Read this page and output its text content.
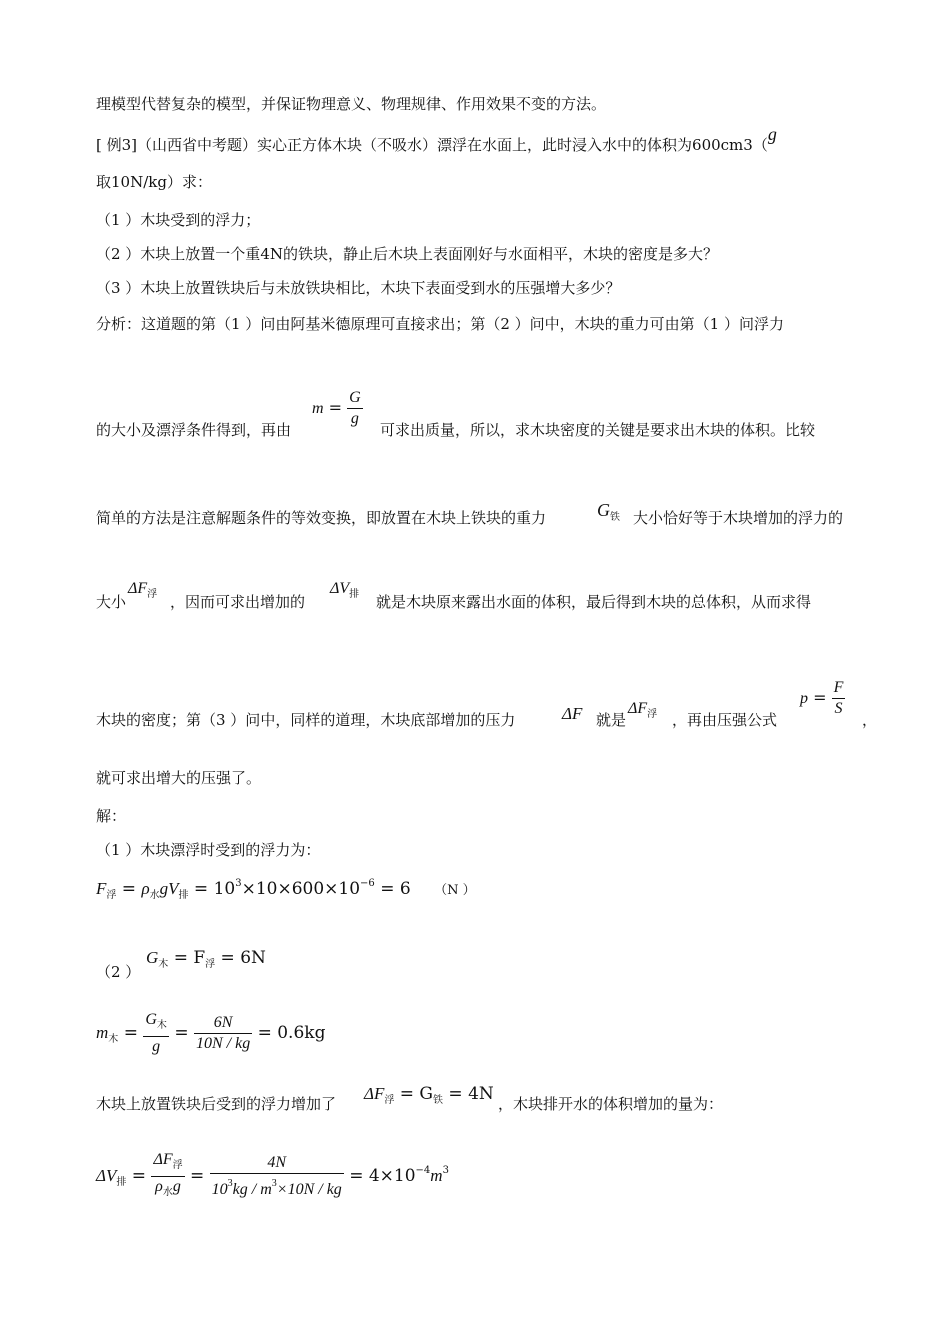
理模型代替复杂的模型，并保证物理意义、物理规律、作用效果不变的方法。
[ 例3]（山西省中考题）实心正方体木块（不吸水）漂浮在水面上，此时浸入水中的体积为600cm3（g
取10N/kg）求：
（1 ）木块受到的浮力；
（2 ）木块上放置一个重4N的铁块，静止后木块上表面刚好与水面相平，木块的密度是多大？
（3 ）木块上放置铁块后与未放铁块相比，木块下表面受到水的压强增大多少？
分析：这道题的第（1 ）问由阿基米德原理可直接求出；第（2 ）问中，木块的重力可由第（1 ）问浮力
的大小及漂浮条件得到，再由
$m = \frac{G}{g}$
可求出质量，所以，求木块密度的关键是要求出木块的体积。比较
简单的方法是注意解题条件的等效变换，即放置在木块上铁块的重力	$G_铁$ 大小恰好等于木块增加的浮力的
大小
$\Delta F_浮$ ，因而可求出增加的
$\Delta V_排$ 就是木块原来露出水面的体积，最后得到木块的总体积，从而求得
木块的密度；第（3 ）问中，同样的道理，木块底部增加的压力	ΔF 就是
$\Delta F_浮$ ，再由压强公式
$p = \frac{F}{S}$
，
就可求出增大的压强了。
解：
（1 ）木块漂浮时受到的浮力为：
$F_浮 = \rho_水gV_排 = 10^3\times 10\times 600\times 10^{-6} = 6$ （N ）
（2 ）
$G_木 = F_浮 = 6N$
$m_木 = \frac{G_木}{g} = \frac{6N}{10N / kg} = 0.6kg$
木块上放置铁块后受到的浮力增加了
$\Delta F_浮 = G_铁 = 4N$ ，木块排开水的体积增加的量为：
$\Delta V_排 = \frac{\Delta F_浮}{\rho_水g} = \frac{4N}{10^3kg / m^3\times 10N / kg} = 4\times 10^{-4}m^3$
